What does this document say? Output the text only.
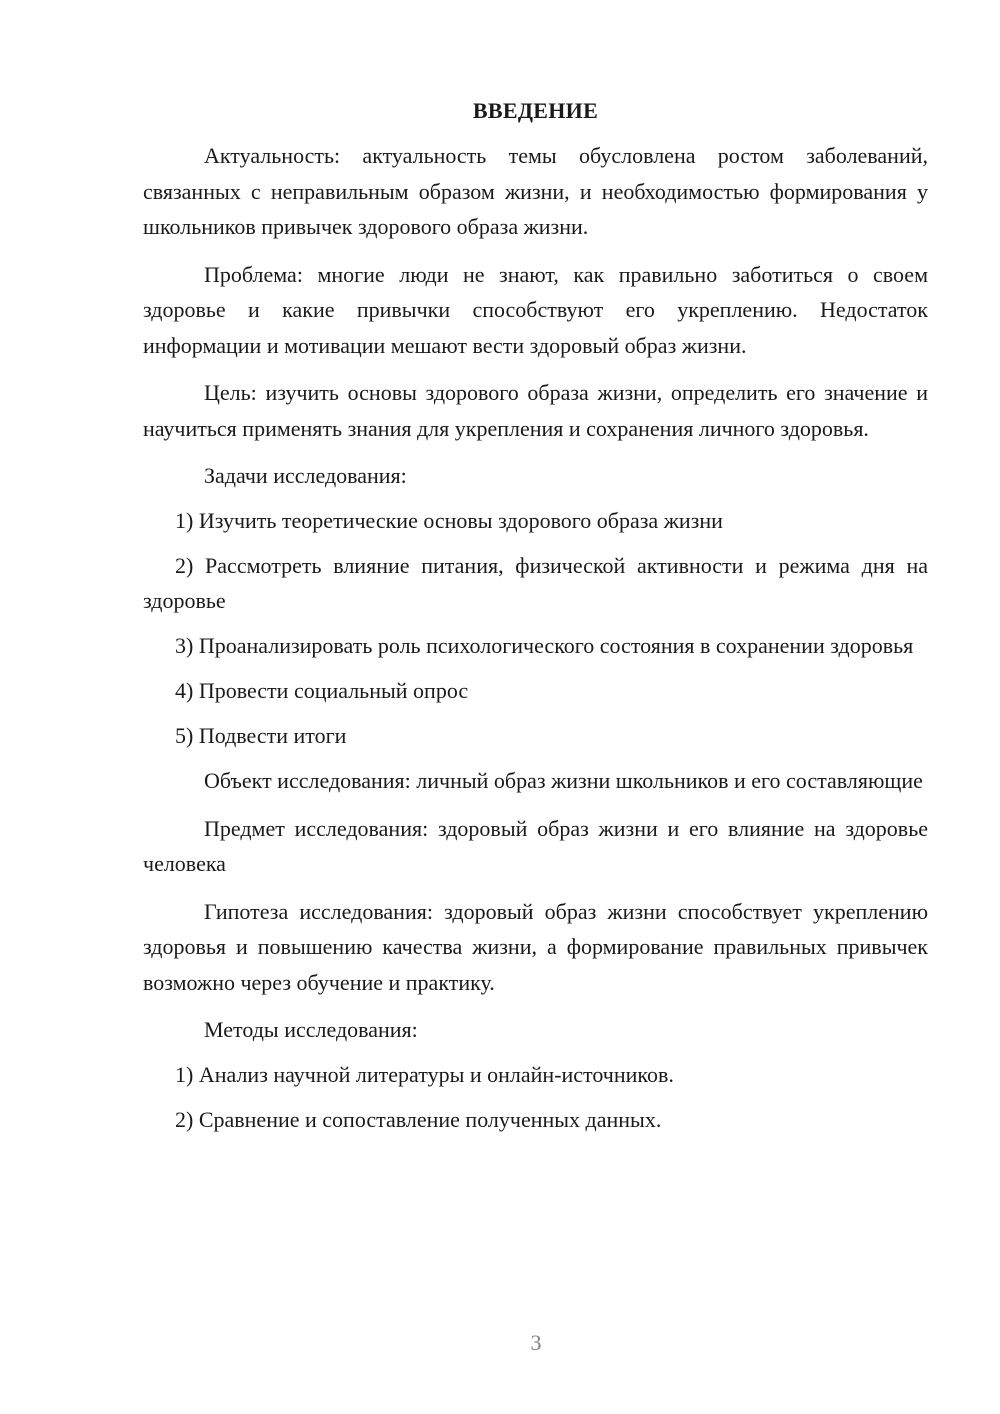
ВВЕДЕНИЕ

Актуальность: актуальность темы обусловлена ростом заболеваний, связанных с неправильным образом жизни, и необходимостью формирования у школьников привычек здорового образа жизни.

Проблема: многие люди не знают, как правильно заботиться о своем здоровье и какие привычки способствуют его укреплению. Недостаток информации и мотивации мешают вести здоровый образ жизни.

Цель: изучить основы здорового образа жизни, определить его значение и научиться применять знания для укрепления и сохранения личного здоровья.

Задачи исследования:

1) Изучить теоретические основы здорового образа жизни

2) Рассмотреть влияние питания, физической активности и режима дня на здоровье

3) Проанализировать роль психологического состояния в сохранении здоровья

4) Провести социальный опрос

5) Подвести итоги

Объект исследования: личный образ жизни школьников и его составляющие

Предмет исследования: здоровый образ жизни и его влияние на здоровье человека

Гипотеза исследования: здоровый образ жизни способствует укреплению здоровья и повышению качества жизни, а формирование правильных привычек возможно через обучение и практику.

Методы исследования:

1) Анализ научной литературы и онлайн-источников.

2) Сравнение и сопоставление полученных данных.

3
